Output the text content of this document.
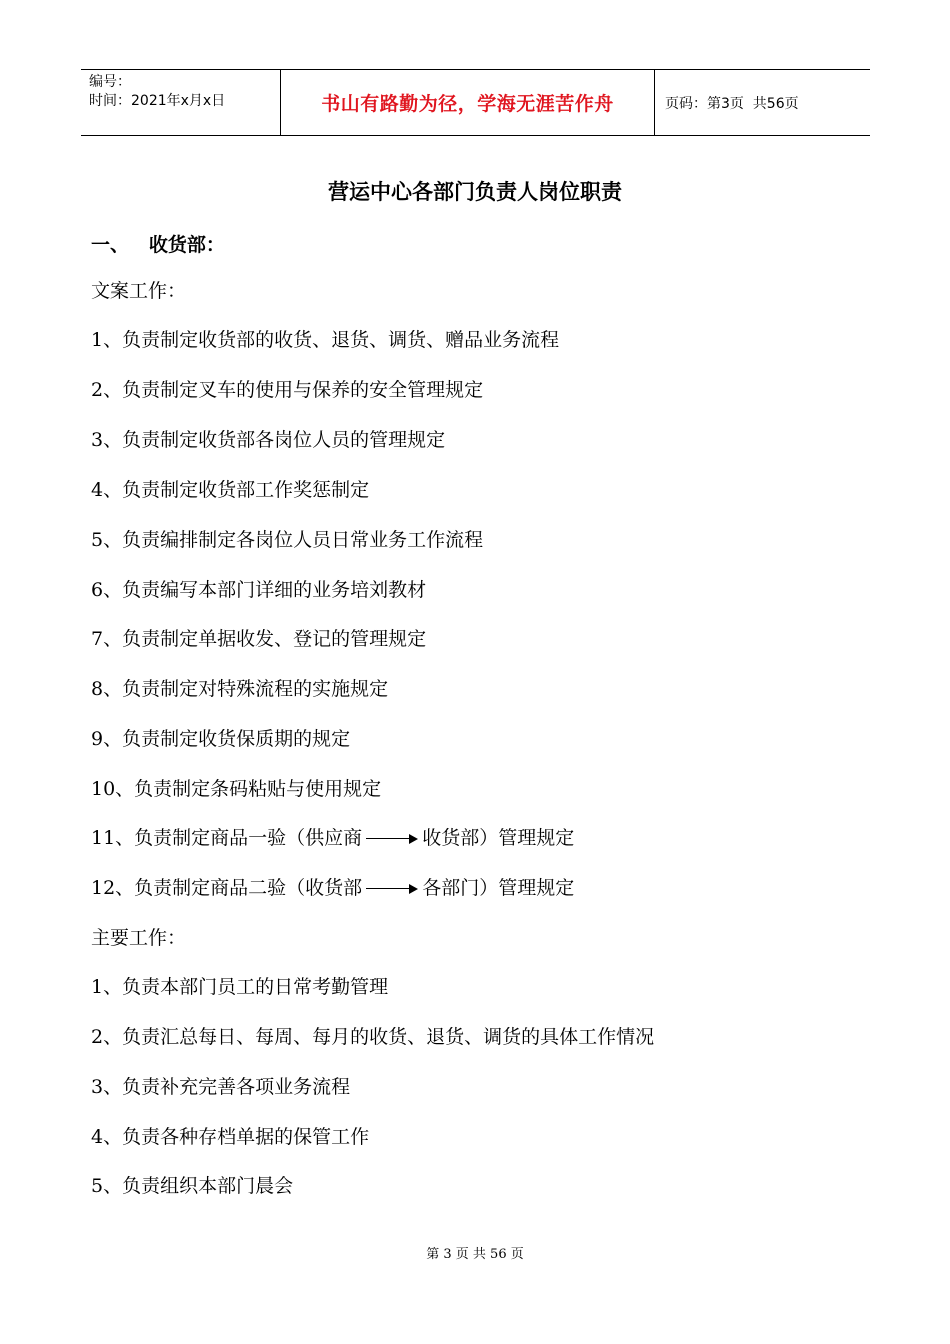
编号：
时间：2021年x月x日	书山有路勤为径，学海无涯苦作舟	页码：第3页  共56页
营运中心各部门负责人岗位职责
一、   收货部：
文案工作：
1、负责制定收货部的收货、退货、调货、赠品业务流程
2、负责制定叉车的使用与保养的安全管理规定
3、负责制定收货部各岗位人员的管理规定
4、负责制定收货部工作奖惩制定
5、负责编排制定各岗位人员日常业务工作流程
6、负责编写本部门详细的业务培刘教材
7、负责制定单据收发、登记的管理规定
8、负责制定对特殊流程的实施规定
9、负责制定收货保质期的规定
10、负责制定条码粘贴与使用规定
11、负责制定商品一验（供应商	收货部）管理规定
12、负责制定商品二验（收货部	各部门）管理规定
主要工作：
1、负责本部门员工的日常考勤管理
2、负责汇总每日、每周、每月的收货、退货、调货的具体工作情况
3、负责补充完善各项业务流程
4、负责各种存档单据的保管工作
5、负责组织本部门晨会
第 3 页 共 56 页
